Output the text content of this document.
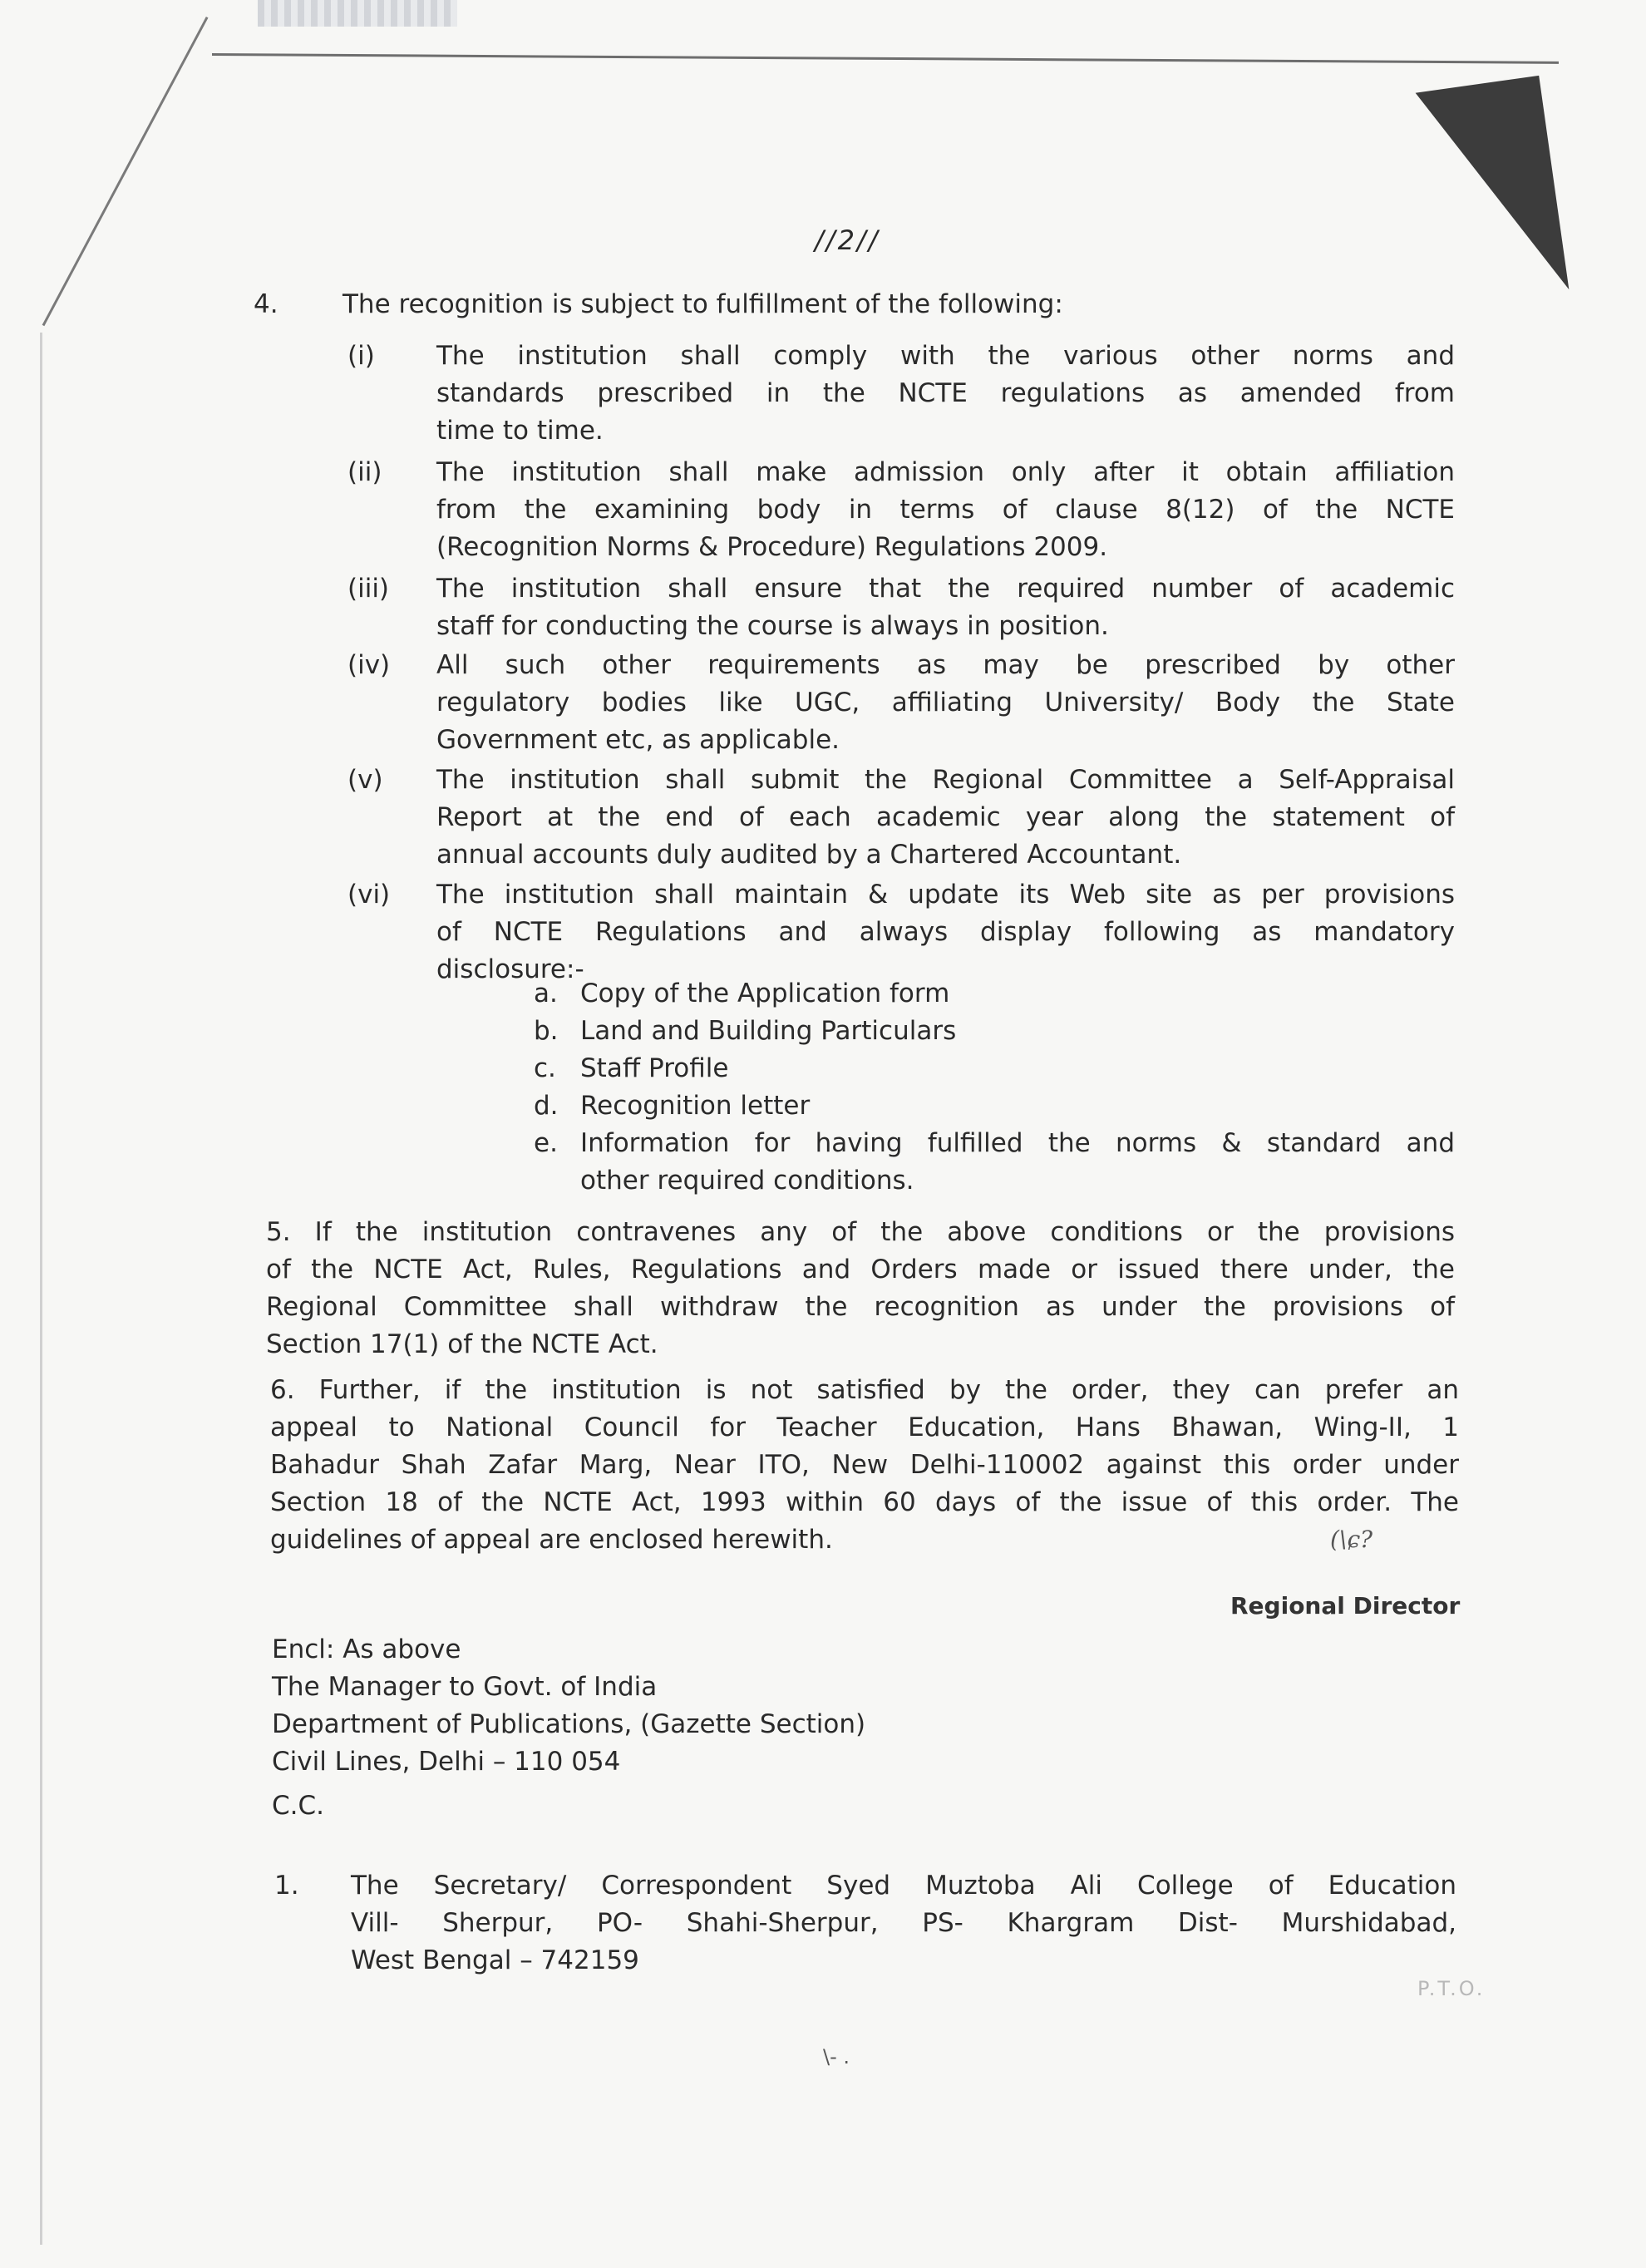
//2//
4. The recognition is subject to fulfillment of the following:
(i) The institution shall comply with the various other norms and
standards prescribed in the NCTE regulations as amended from
time to time.
(ii) The institution shall make admission only after it obtain affiliation
from the examining body in terms of clause 8(12) of the NCTE
(Recognition Norms & Procedure) Regulations 2009.
(iii) The institution shall ensure that the required number of academic
staff for conducting the course is always in position.
(iv) All such other requirements as may be prescribed by other
regulatory bodies like UGC, affiliating University/ Body the State
Government etc, as applicable.
(v) The institution shall submit the Regional Committee a Self-Appraisal
Report at the end of each academic year along the statement of
annual accounts duly audited by a Chartered Accountant.
(vi) The institution shall maintain & update its Web site as per provisions
of NCTE Regulations and always display following as mandatory
disclosure:-
a. Copy of the Application form
b. Land and Building Particulars
c. Staff Profile
d. Recognition letter
e. Information for having fulfilled the norms & standard and
other required conditions.
5. If the institution contravenes any of the above conditions or the provisions
of the NCTE Act, Rules, Regulations and Orders made or issued there under, the
Regional Committee shall withdraw the recognition as under the provisions of
Section 17(1) of the NCTE Act.
6. Further, if the institution is not satisfied by the order, they can prefer an
appeal to National Council for Teacher Education, Hans Bhawan, Wing-II, 1
Bahadur Shah Zafar Marg, Near ITO, New Delhi-110002 against this order under
Section 18 of the NCTE Act, 1993 within 60 days of the issue of this order. The
guidelines of appeal are enclosed herewith.	(\ɕ?
Regional Director
Encl: As above
The Manager to Govt. of India
Department of Publications, (Gazette Section)
Civil Lines, Delhi – 110 054
C.C.
1. The Secretary/ Correspondent Syed Muztoba Ali College of Education
Vill- Sherpur, PO- Shahi-Sherpur, PS- Khargram Dist- Murshidabad,
West Bengal – 742159
P.T.O.
\- .
